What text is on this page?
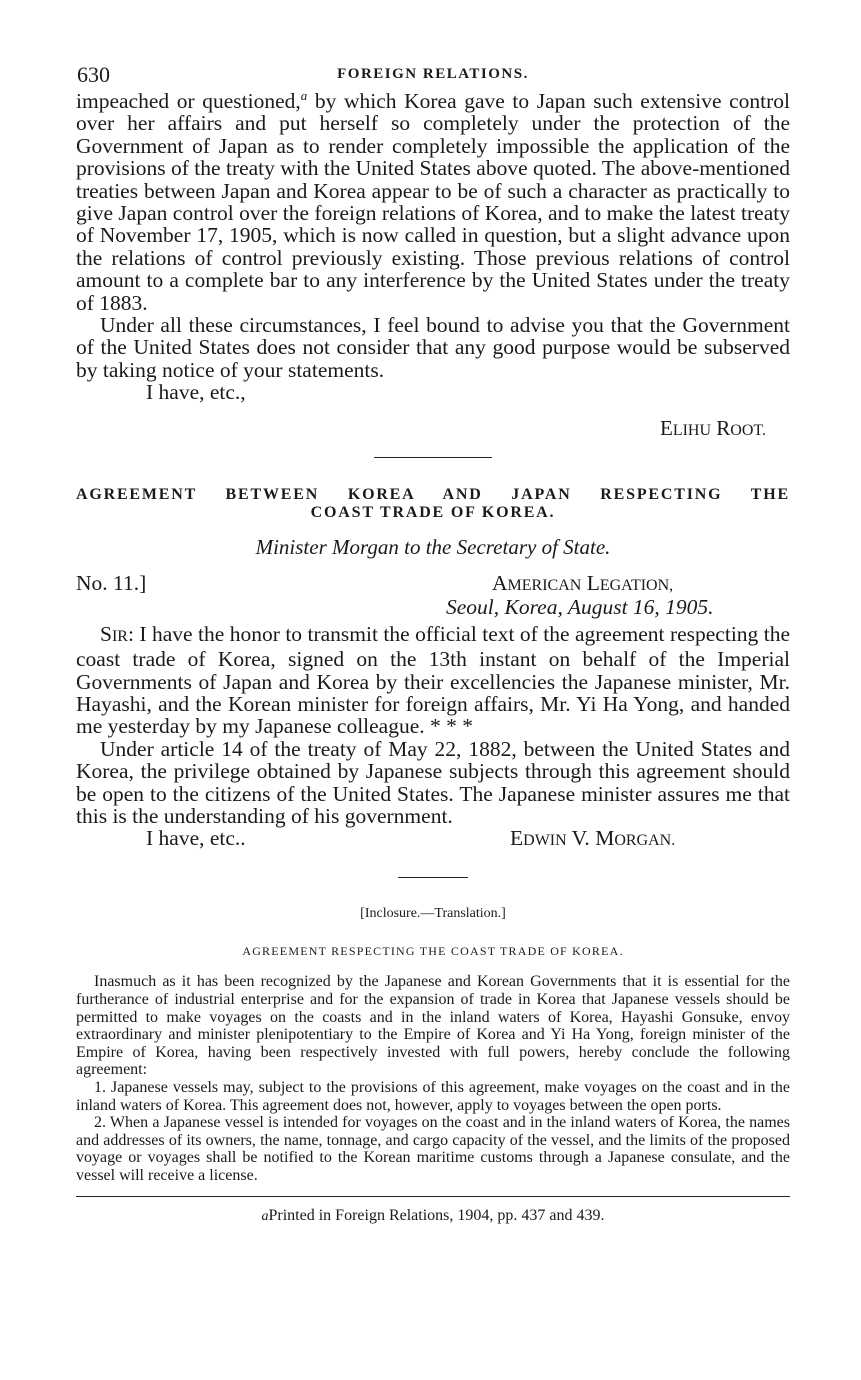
630	FOREIGN RELATIONS.

impeached or questioned,$^a$ by which Korea gave to Japan such extensive control over her affairs and put herself so completely under the protection of the Government of Japan as to render completely impossible the application of the provisions of the treaty with the United States above quoted. The above-mentioned treaties between Japan and Korea appear to be of such a character as practically to give Japan control over the foreign relations of Korea, and to make the latest treaty of November 17, 1905, which is now called in question, but a slight advance upon the relations of control previously existing. Those previous relations of control amount to a complete bar to any interference by the United States under the treaty of 1883.

Under all these circumstances, I feel bound to advise you that the Government of the United States does not consider that any good purpose would be subserved by taking notice of your statements.

I have, etc.,
ELIHU ROOT.
AGREEMENT BETWEEN KOREA AND JAPAN RESPECTING THE
COAST TRADE OF KOREA.
Minister Morgan to the Secretary of State.
No. 11.]	AMERICAN LEGATION,
Seoul, Korea, August 16, 1905.

SIR: I have the honor to transmit the official text of the agreement respecting the coast trade of Korea, signed on the 13th instant on behalf of the Imperial Governments of Japan and Korea by their excellencies the Japanese minister, Mr. Hayashi, and the Korean minister for foreign affairs, Mr. Yi Ha Yong, and handed me yesterday by my Japanese colleague. * * *

Under article 14 of the treaty of May 22, 1882, between the United States and Korea, the privilege obtained by Japanese subjects through this agreement should be open to the citizens of the United States. The Japanese minister assures me that this is the understanding of his government.

I have, etc..	EDWIN V. MORGAN.
[Inclosure.—Translation.]
AGREEMENT RESPECTING THE COAST TRADE OF KOREA.

Inasmuch as it has been recognized by the Japanese and Korean Governments that it is essential for the furtherance of industrial enterprise and for the expansion of trade in Korea that Japanese vessels should be permitted to make voyages on the coasts and in the inland waters of Korea, Hayashi Gonsuke, envoy extraordinary and minister plenipotentiary to the Empire of Korea and Yi Ha Yong, foreign minister of the Empire of Korea, having been respectively invested with full powers, hereby conclude the following agreement:

1. Japanese vessels may, subject to the provisions of this agreement, make voyages on the coast and in the inland waters of Korea. This agreement does not, however, apply to voyages between the open ports.

2. When a Japanese vessel is intended for voyages on the coast and in the inland waters of Korea, the names and addresses of its owners, the name, tonnage, and cargo capacity of the vessel, and the limits of the proposed voyage or voyages shall be notified to the Korean maritime customs through a Japanese consulate, and the vessel will receive a license.

aPrinted in Foreign Relations, 1904, pp. 437 and 439.
